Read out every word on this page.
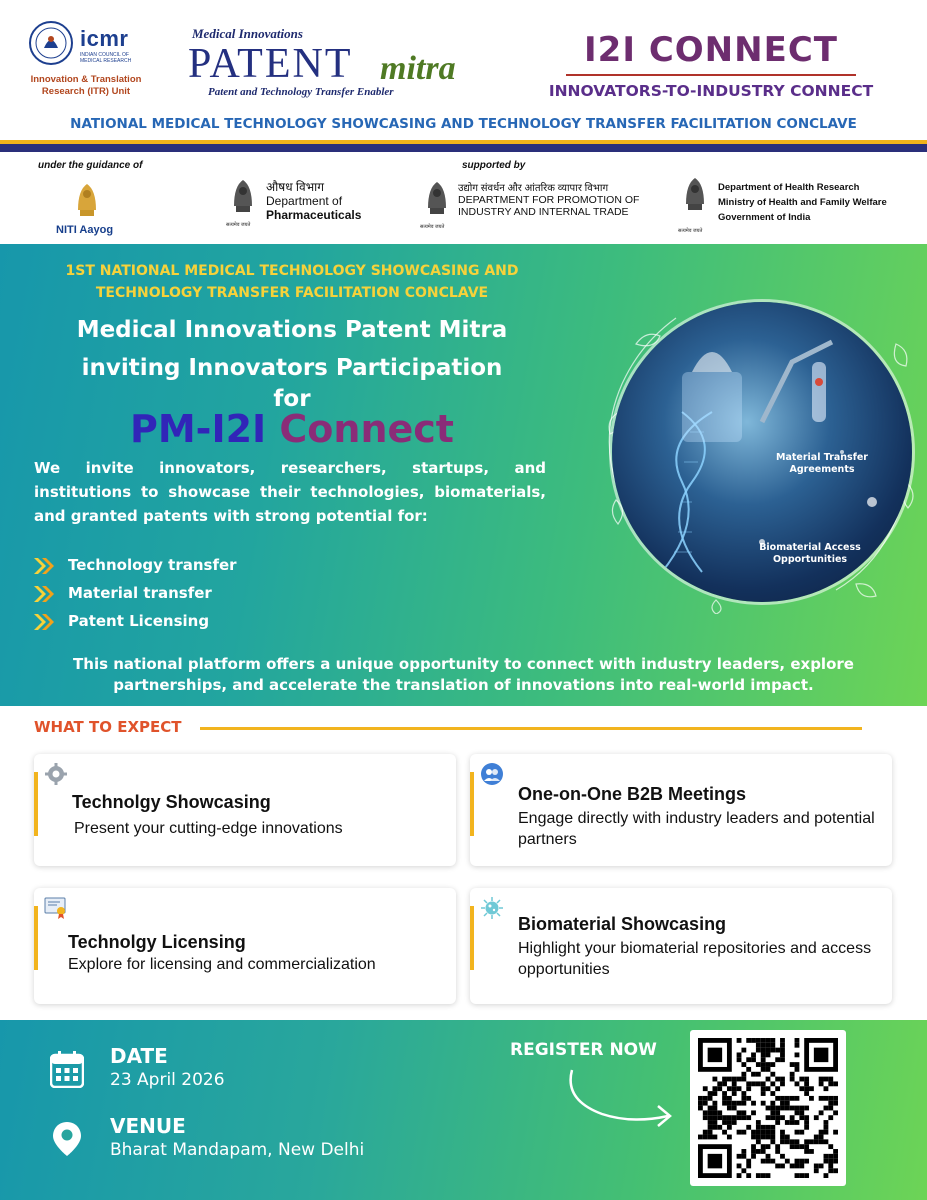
icmr
INDIAN COUNCIL OF MEDICAL RESEARCH
Innovation & Translation Research (ITR) Unit
Medical Innovations
PATENT mitra
Patent and Technology Transfer Enabler
I2I CONNECT
INNOVATORS-TO-INDUSTRY CONNECT
NATIONAL MEDICAL TECHNOLOGY SHOWCASING AND TECHNOLOGY TRANSFER FACILITATION CONCLAVE
under the guidance of	supported by
NITI Aayog	सत्यमेव जयते
औषध विभाग
Department of
Pharmaceuticals
सत्यमेव जयते
उद्योग संवर्धन और आंतरिक व्यापार विभाग
DEPARTMENT FOR PROMOTION OF INDUSTRY AND INTERNAL TRADE
सत्यमेव जयते
Department of Health Research
Ministry of Health and Family Welfare
Government of India
1ST NATIONAL MEDICAL TECHNOLOGY SHOWCASING AND
TECHNOLOGY TRANSFER FACILITATION CONCLAVE
Medical Innovations Patent Mitra
inviting Innovators Participation
for
PM-I2I Connect
We invite innovators, researchers, startups, and institutions to showcase their technologies, biomaterials, and granted patents with strong potential for:
Technology transfer
Material transfer
Patent Licensing
Material Transfer Agreements
Biomaterial Access Opportunities
This national platform offers a unique opportunity to connect with industry leaders, explore partnerships, and accelerate the translation of innovations into real-world impact.
WHAT TO EXPECT
Technolgy Showcasing
Present your cutting-edge innovations
One-on-One B2B Meetings
Engage directly with industry leaders and potential partners
Technolgy Licensing
Explore for licensing and commercialization
Biomaterial Showcasing
Highlight your biomaterial repositories and access opportunities
DATE
23 April 2026
VENUE
Bharat Mandapam, New Delhi
REGISTER NOW
